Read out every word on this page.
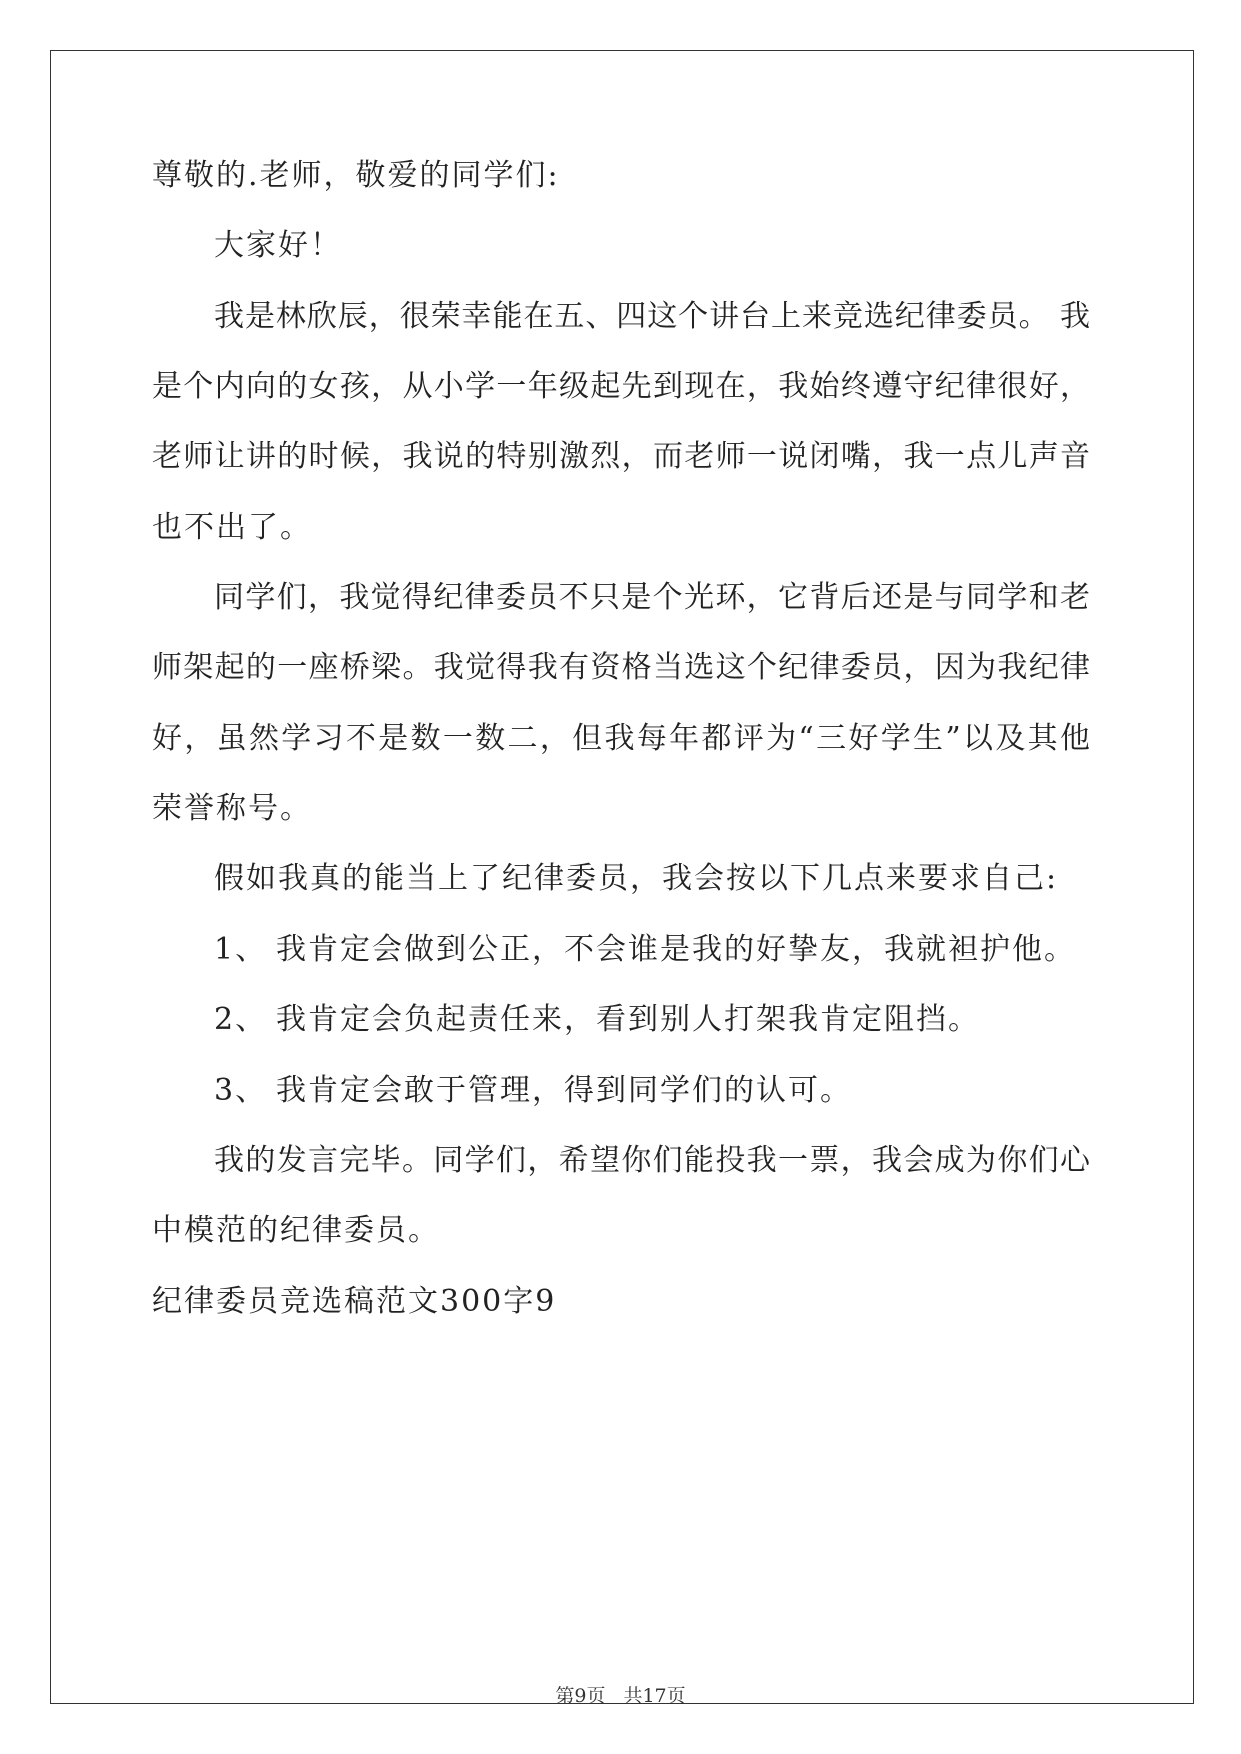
尊敬的.老师，敬爱的同学们:
大家好！
我是林欣辰，很荣幸能在五、四这个讲台上来竞选纪律委员。 我
是个内向的女孩，从小学一年级起先到现在，我始终遵守纪律很好，
老师让讲的时候，我说的特别激烈，而老师一说闭嘴，我一点儿声音
也不出了。
同学们，我觉得纪律委员不只是个光环，它背后还是与同学和老
师架起的一座桥梁。我觉得我有资格当选这个纪律委员，因为我纪律
好，虽然学习不是数一数二，但我每年都评为“三好学生”以及其他
荣誉称号。
假如我真的能当上了纪律委员，我会按以下几点来要求自己:
1、 我肯定会做到公正，不会谁是我的好挚友，我就袒护他。
2、 我肯定会负起责任来，看到别人打架我肯定阻挡。
3、 我肯定会敢于管理，得到同学们的认可。
我的发言完毕。同学们，希望你们能投我一票，我会成为你们心
中模范的纪律委员。
纪律委员竞选稿范文300字9
第9页 共17页
